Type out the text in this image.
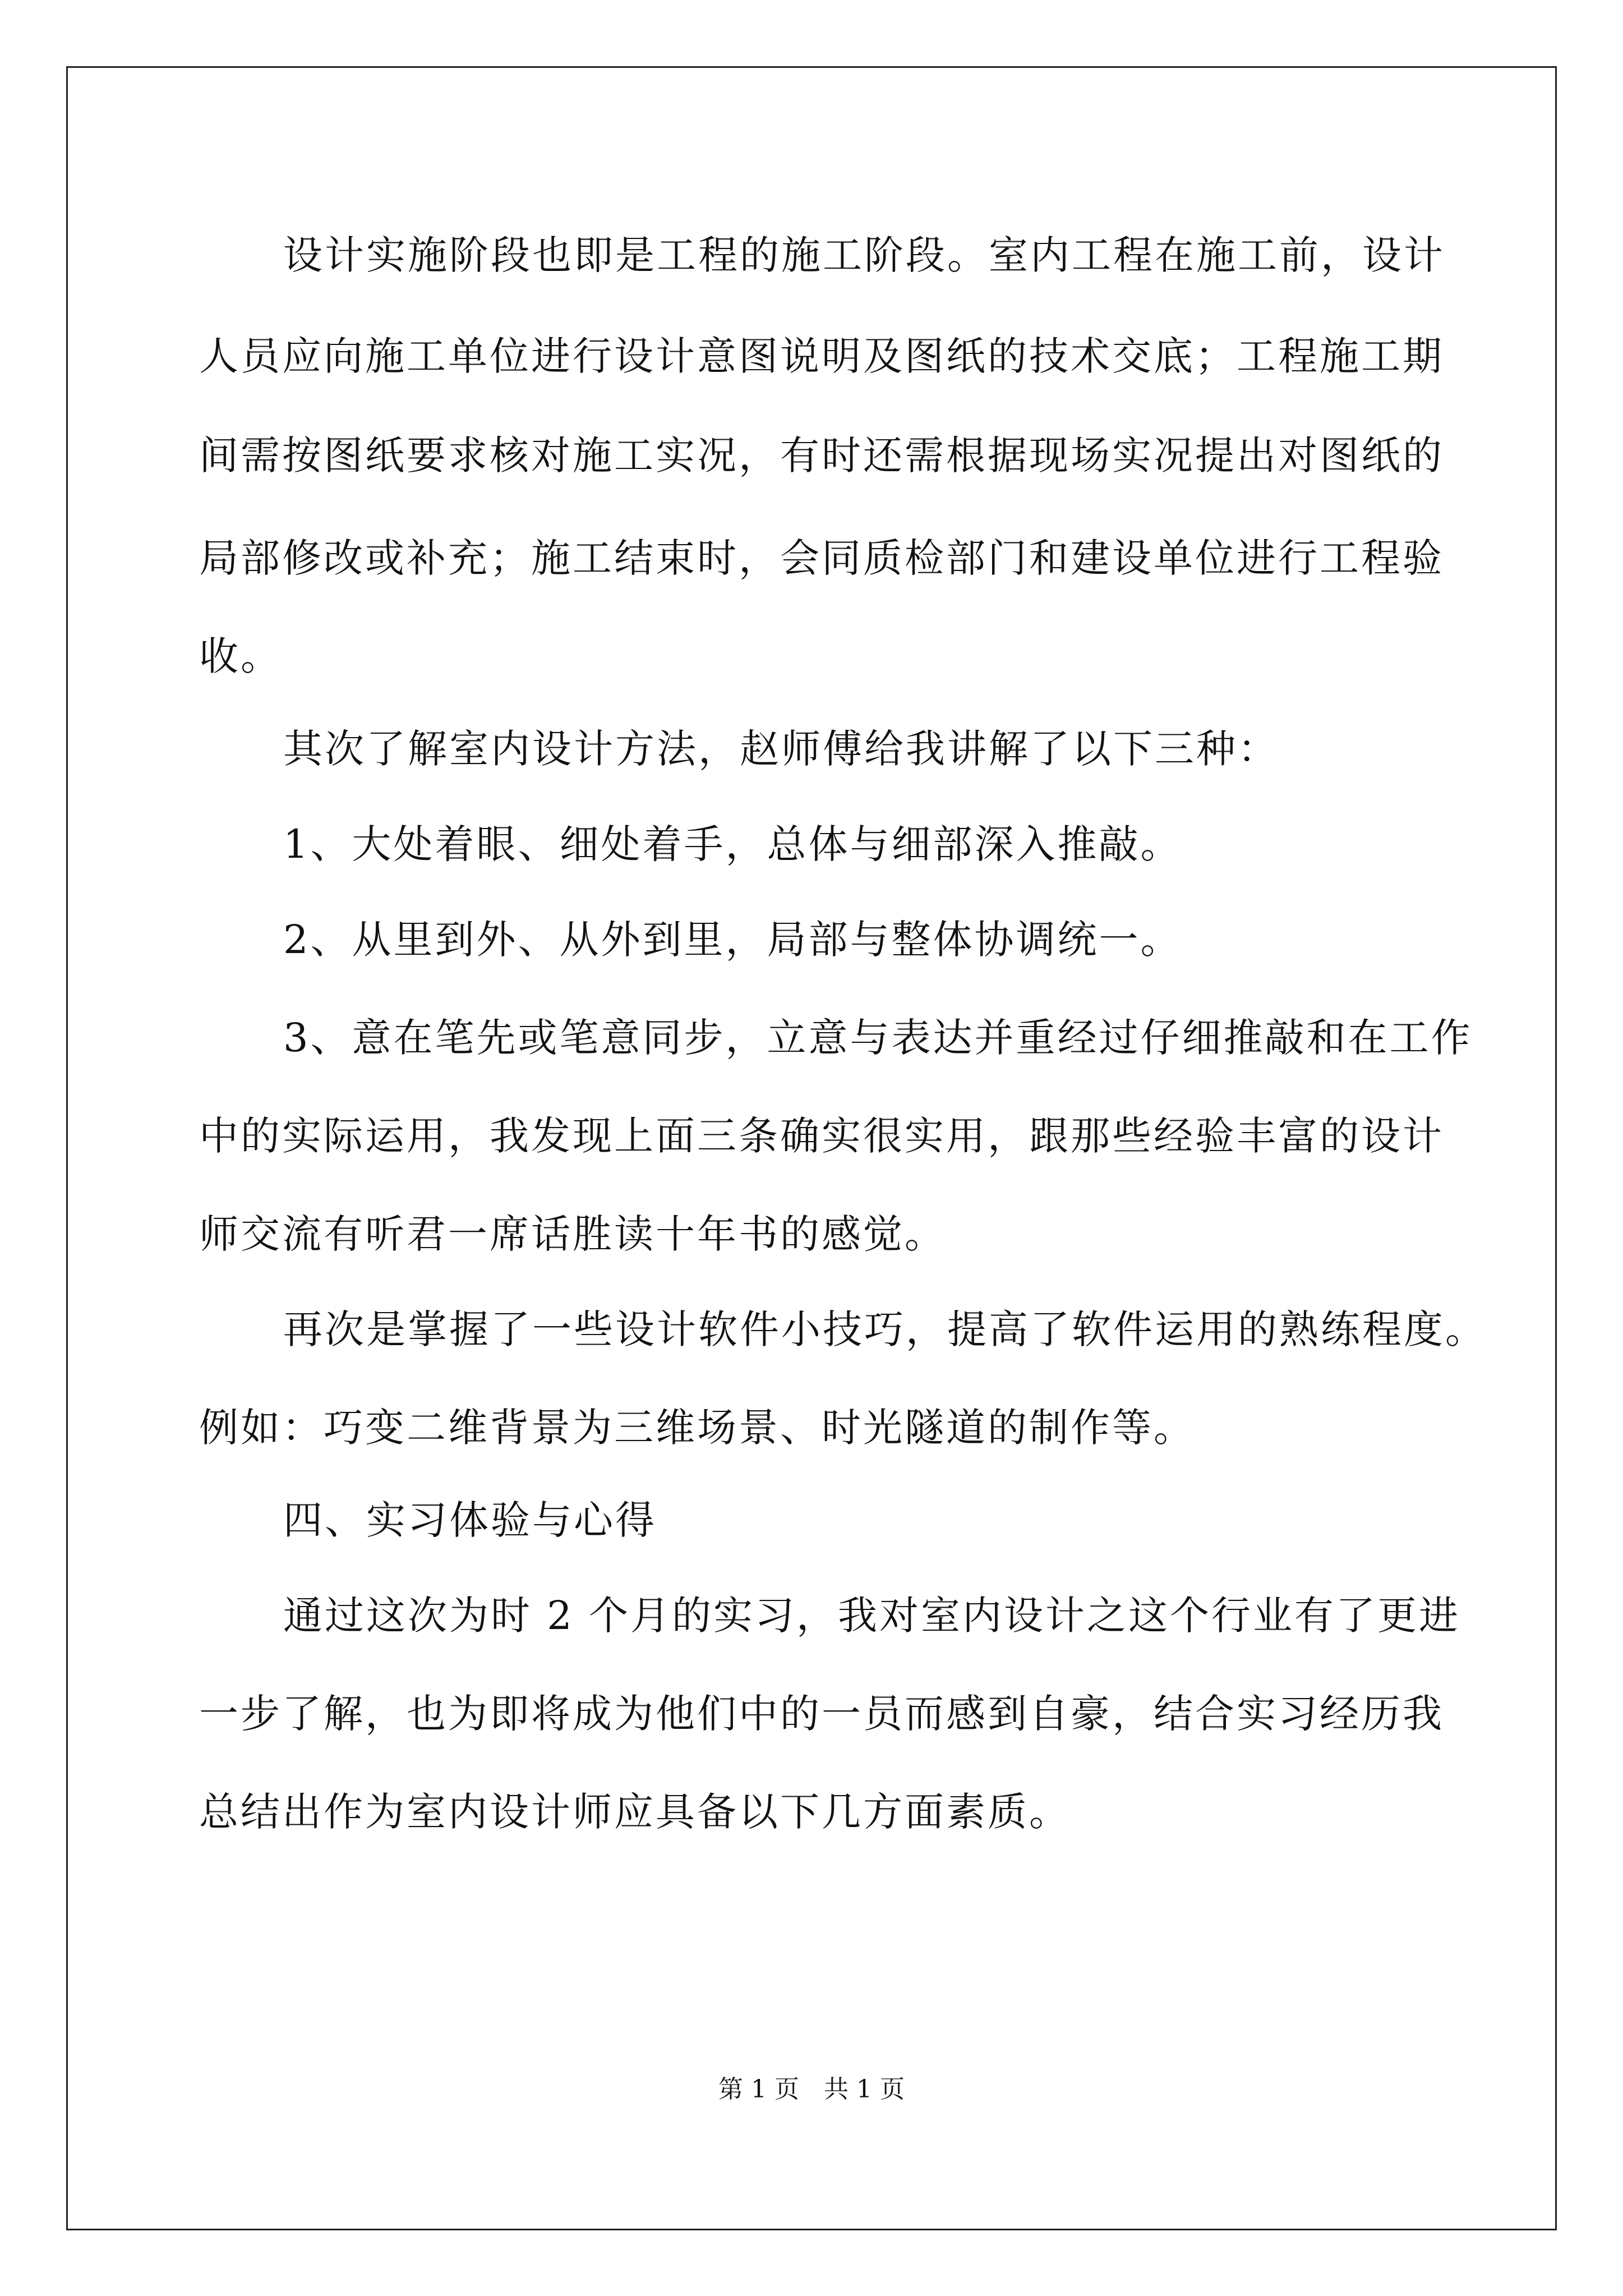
设计实施阶段也即是工程的施工阶段。室内工程在施工前，设计
人员应向施工单位进行设计意图说明及图纸的技术交底；工程施工期
间需按图纸要求核对施工实况，有时还需根据现场实况提出对图纸的
局部修改或补充；施工结束时，会同质检部门和建设单位进行工程验
收。
其次了解室内设计方法，赵师傅给我讲解了以下三种：
1、大处着眼、细处着手，总体与细部深入推敲。
2、从里到外、从外到里，局部与整体协调统一。
3、意在笔先或笔意同步，立意与表达并重经过仔细推敲和在工作
中的实际运用，我发现上面三条确实很实用，跟那些经验丰富的设计
师交流有听君一席话胜读十年书的感觉。
再次是掌握了一些设计软件小技巧，提高了软件运用的熟练程度。
例如：巧变二维背景为三维场景、时光隧道的制作等。
四、实习体验与心得
通过这次为时 2 个月的实习，我对室内设计之这个行业有了更进
一步了解，也为即将成为他们中的一员而感到自豪，结合实习经历我
总结出作为室内设计师应具备以下几方面素质。
第 1 页　共 1 页
